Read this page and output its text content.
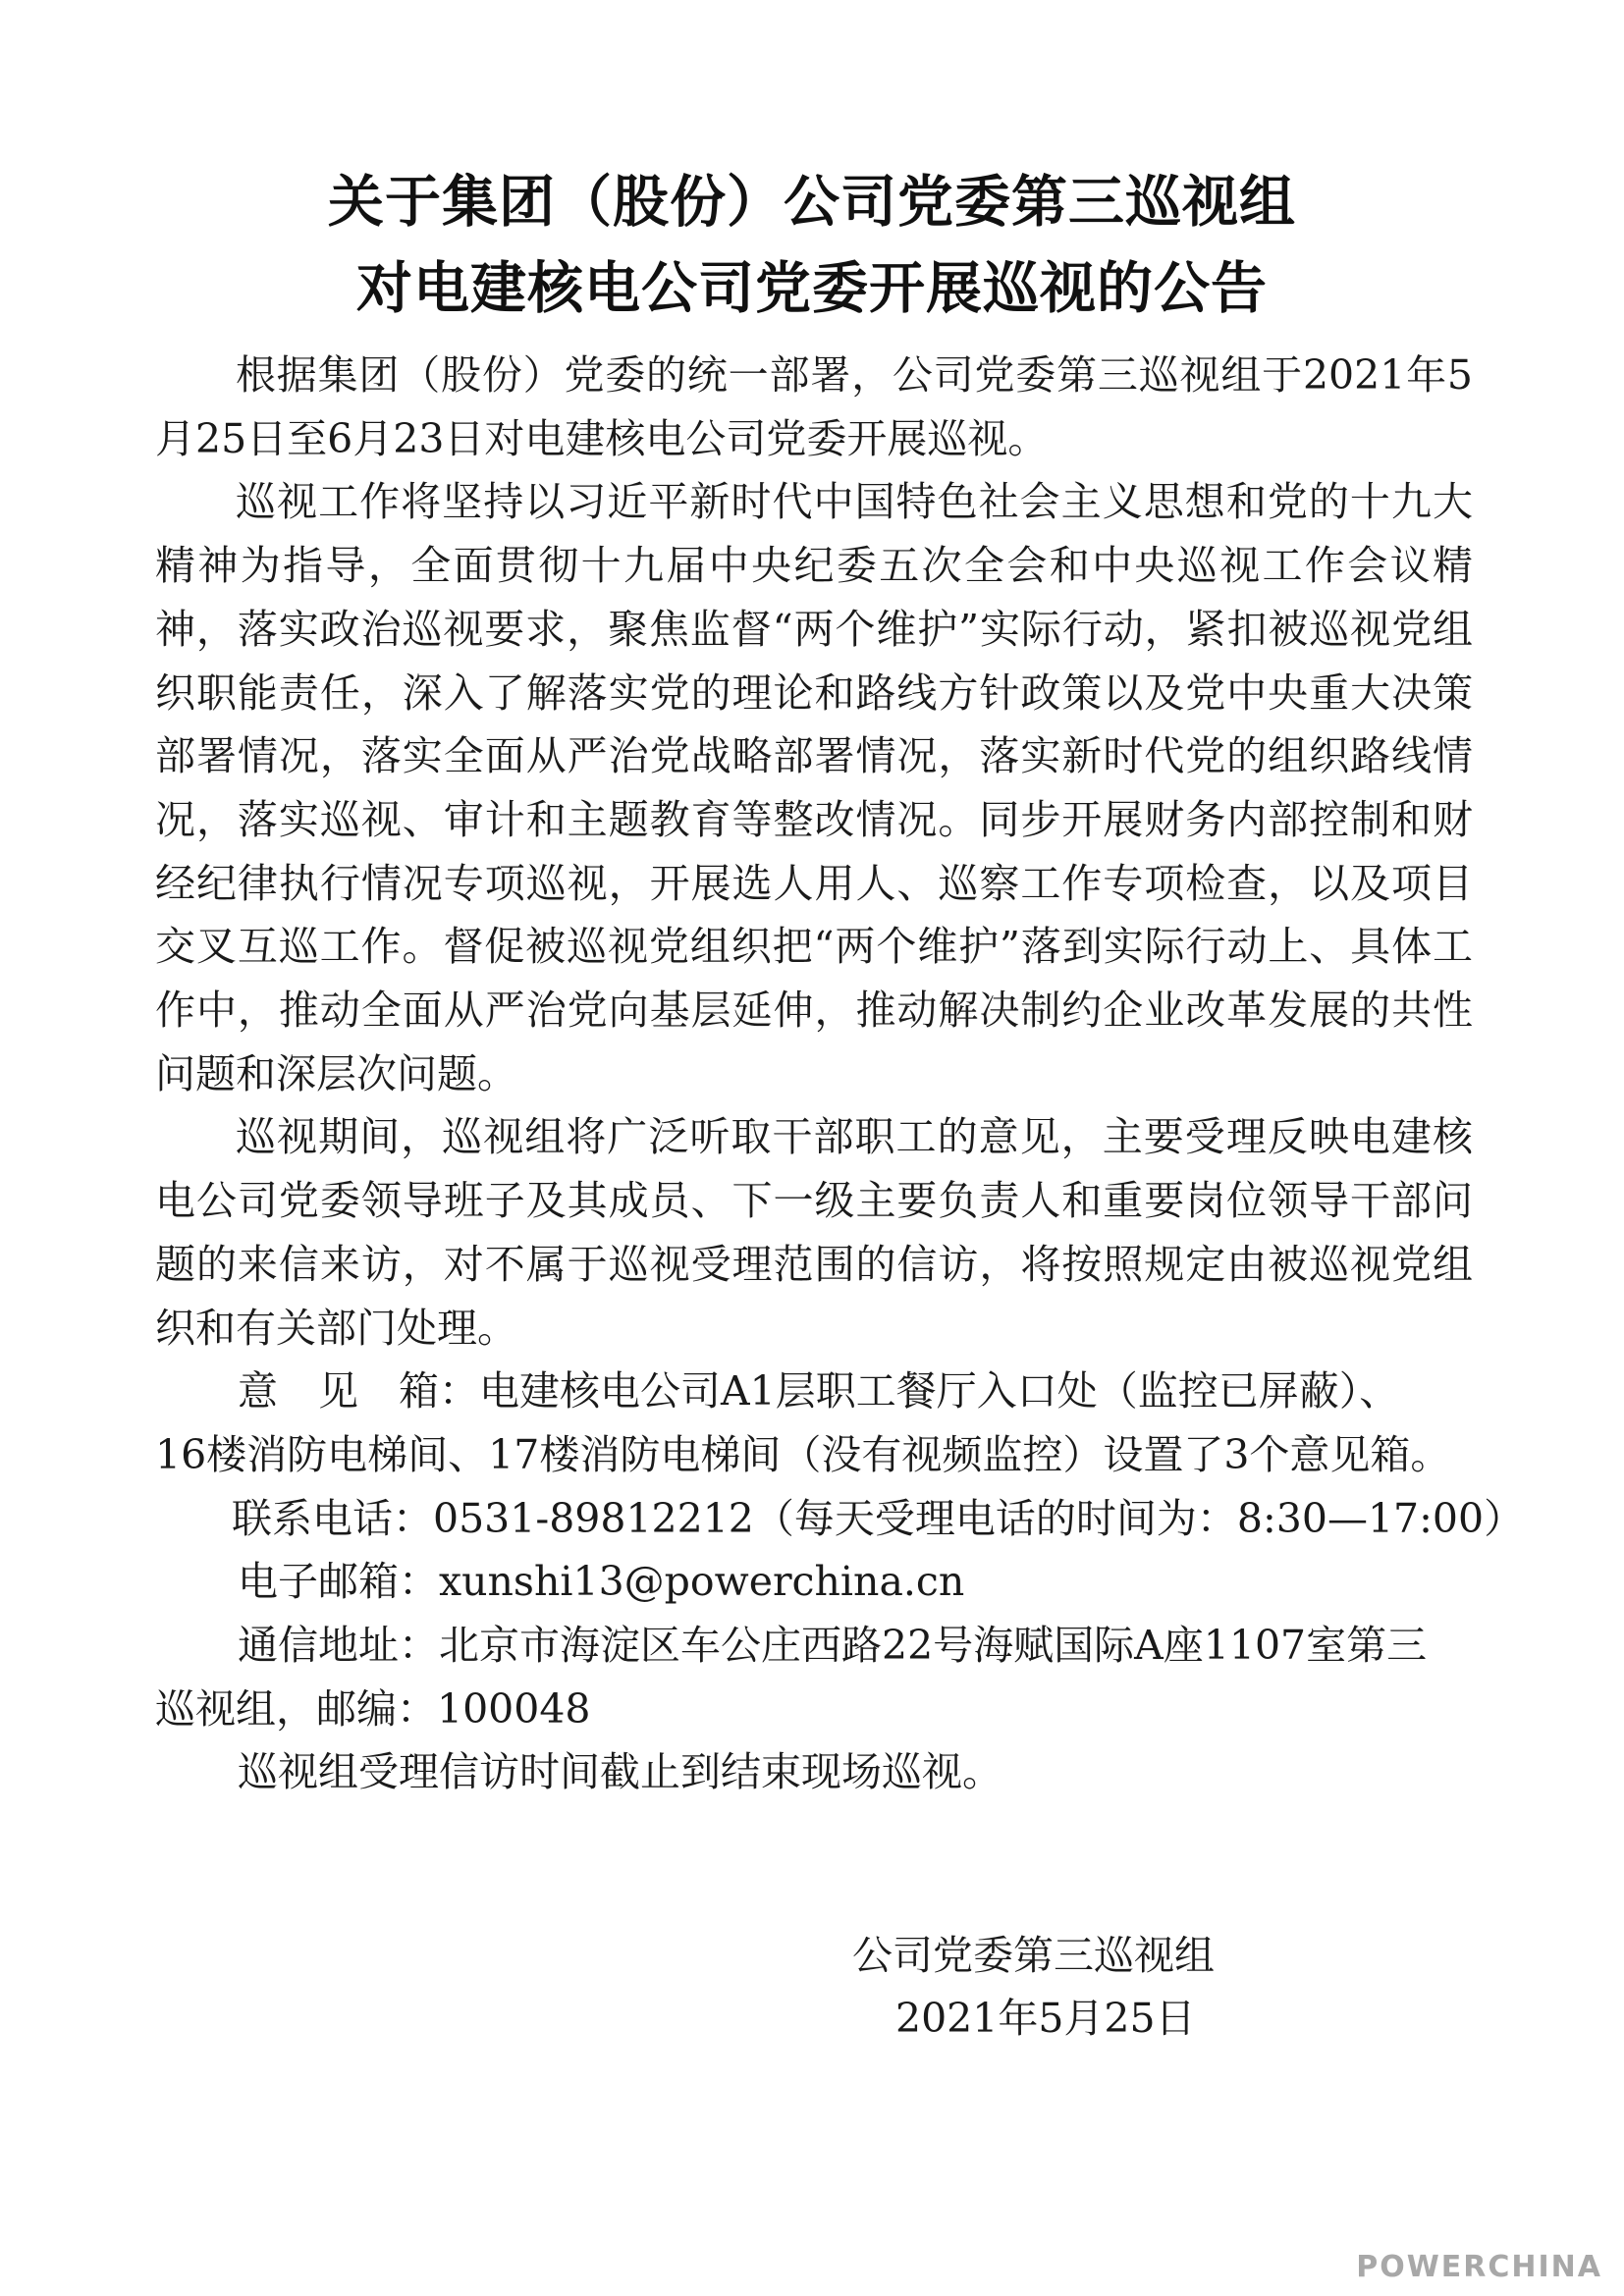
关于集团（股份）公司党委第三巡视组
对电建核电公司党委开展巡视的公告

根据集团（股份）党委的统一部署，公司党委第三巡视组于2021年5月25日至6月23日对电建核电公司党委开展巡视。

巡视工作将坚持以习近平新时代中国特色社会主义思想和党的十九大精神为指导，全面贯彻十九届中央纪委五次全会和中央巡视工作会议精神，落实政治巡视要求，聚焦监督“两个维护”实际行动，紧扣被巡视党组织职能责任，深入了解落实党的理论和路线方针政策以及党中央重大决策部署情况，落实全面从严治党战略部署情况，落实新时代党的组织路线情况，落实巡视、审计和主题教育等整改情况。同步开展财务内部控制和财经纪律执行情况专项巡视，开展选人用人、巡察工作专项检查，以及项目交叉互巡工作。督促被巡视党组织把“两个维护”落到实际行动上、具体工作中，推动全面从严治党向基层延伸，推动解决制约企业改革发展的共性问题和深层次问题。

巡视期间，巡视组将广泛听取干部职工的意见，主要受理反映电建核电公司党委领导班子及其成员、下一级主要负责人和重要岗位领导干部问题的来信来访，对不属于巡视受理范围的信访，将按照规定由被巡视党组织和有关部门处理。

意　见　箱：电建核电公司A1层职工餐厅入口处（监控已屏蔽）、
16楼消防电梯间、17楼消防电梯间（没有视频监控）设置了3个意见箱。
联系电话：0531-89812212（每天受理电话的时间为：8:30—17:00）
电子邮箱：xunshi13@powerchina.cn
通信地址：北京市海淀区车公庄西路22号海赋国际A座1107室第三
巡视组，邮编：100048
巡视组受理信访时间截止到结束现场巡视。
公司党委第三巡视组
2021年5月25日
POWERCHINA
